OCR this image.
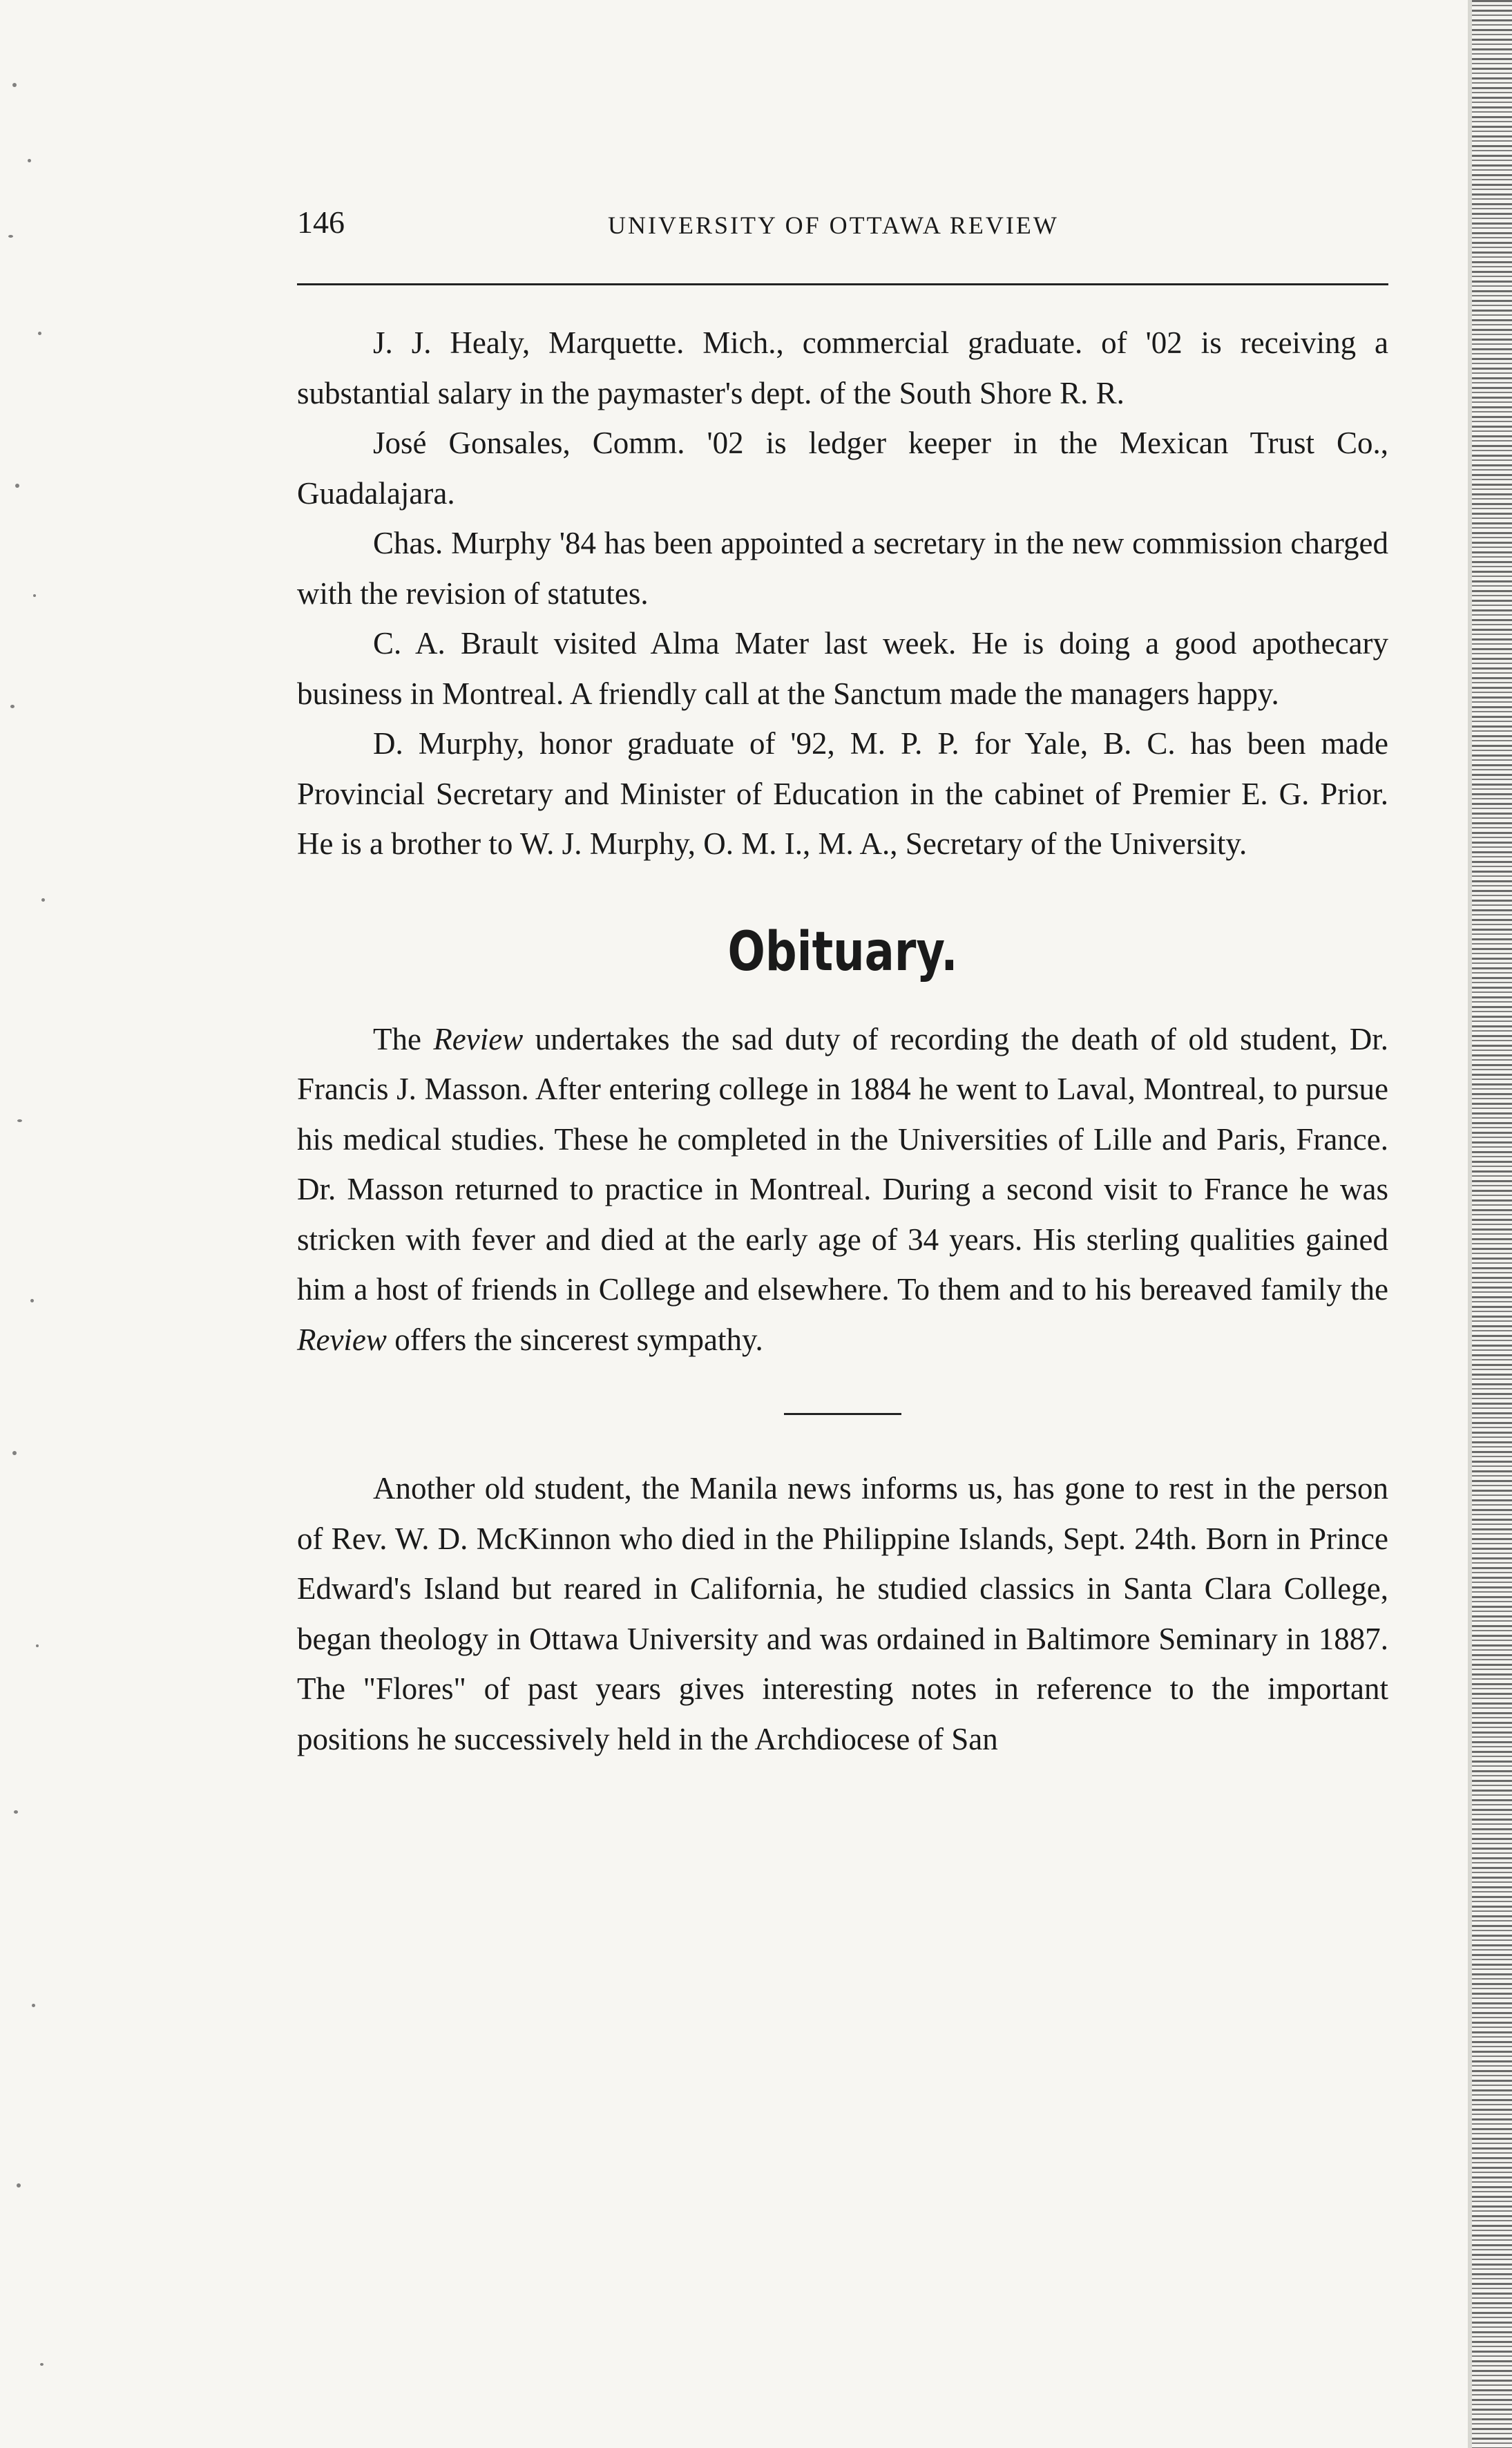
146	UNIVERSITY OF OTTAWA REVIEW

J. J. Healy, Marquette. Mich., commercial graduate. of '02 is receiving a substantial salary in the paymaster's dept. of the South Shore R. R.

José Gonsales, Comm. '02 is ledger keeper in the Mexican Trust Co., Guadalajara.

Chas. Murphy '84 has been appointed a secretary in the new commission charged with the revision of statutes.

C. A. Brault visited Alma Mater last week. He is doing a good apothecary business in Montreal. A friendly call at the Sanctum made the managers happy.

D. Murphy, honor graduate of '92, M. P. P. for Yale, B. C. has been made Provincial Secretary and Minister of Education in the cabinet of Premier E. G. Prior. He is a brother to W. J. Murphy, O. M. I., M. A., Secretary of the University.

Obituary.

The Review undertakes the sad duty of recording the death of old student, Dr. Francis J. Masson. After entering college in 1884 he went to Laval, Montreal, to pursue his medical studies. These he completed in the Universities of Lille and Paris, France. Dr. Masson returned to practice in Montreal. During a second visit to France he was stricken with fever and died at the early age of 34 years. His sterling qualities gained him a host of friends in College and elsewhere. To them and to his bereaved family the Review offers the sincerest sympathy.

Another old student, the Manila news informs us, has gone to rest in the person of Rev. W. D. McKinnon who died in the Philippine Islands, Sept. 24th. Born in Prince Edward's Island but reared in California, he studied classics in Santa Clara College, began theology in Ottawa University and was ordained in Baltimore Seminary in 1887. The "Flores" of past years gives interesting notes in reference to the important positions he successively held in the Archdiocese of San
